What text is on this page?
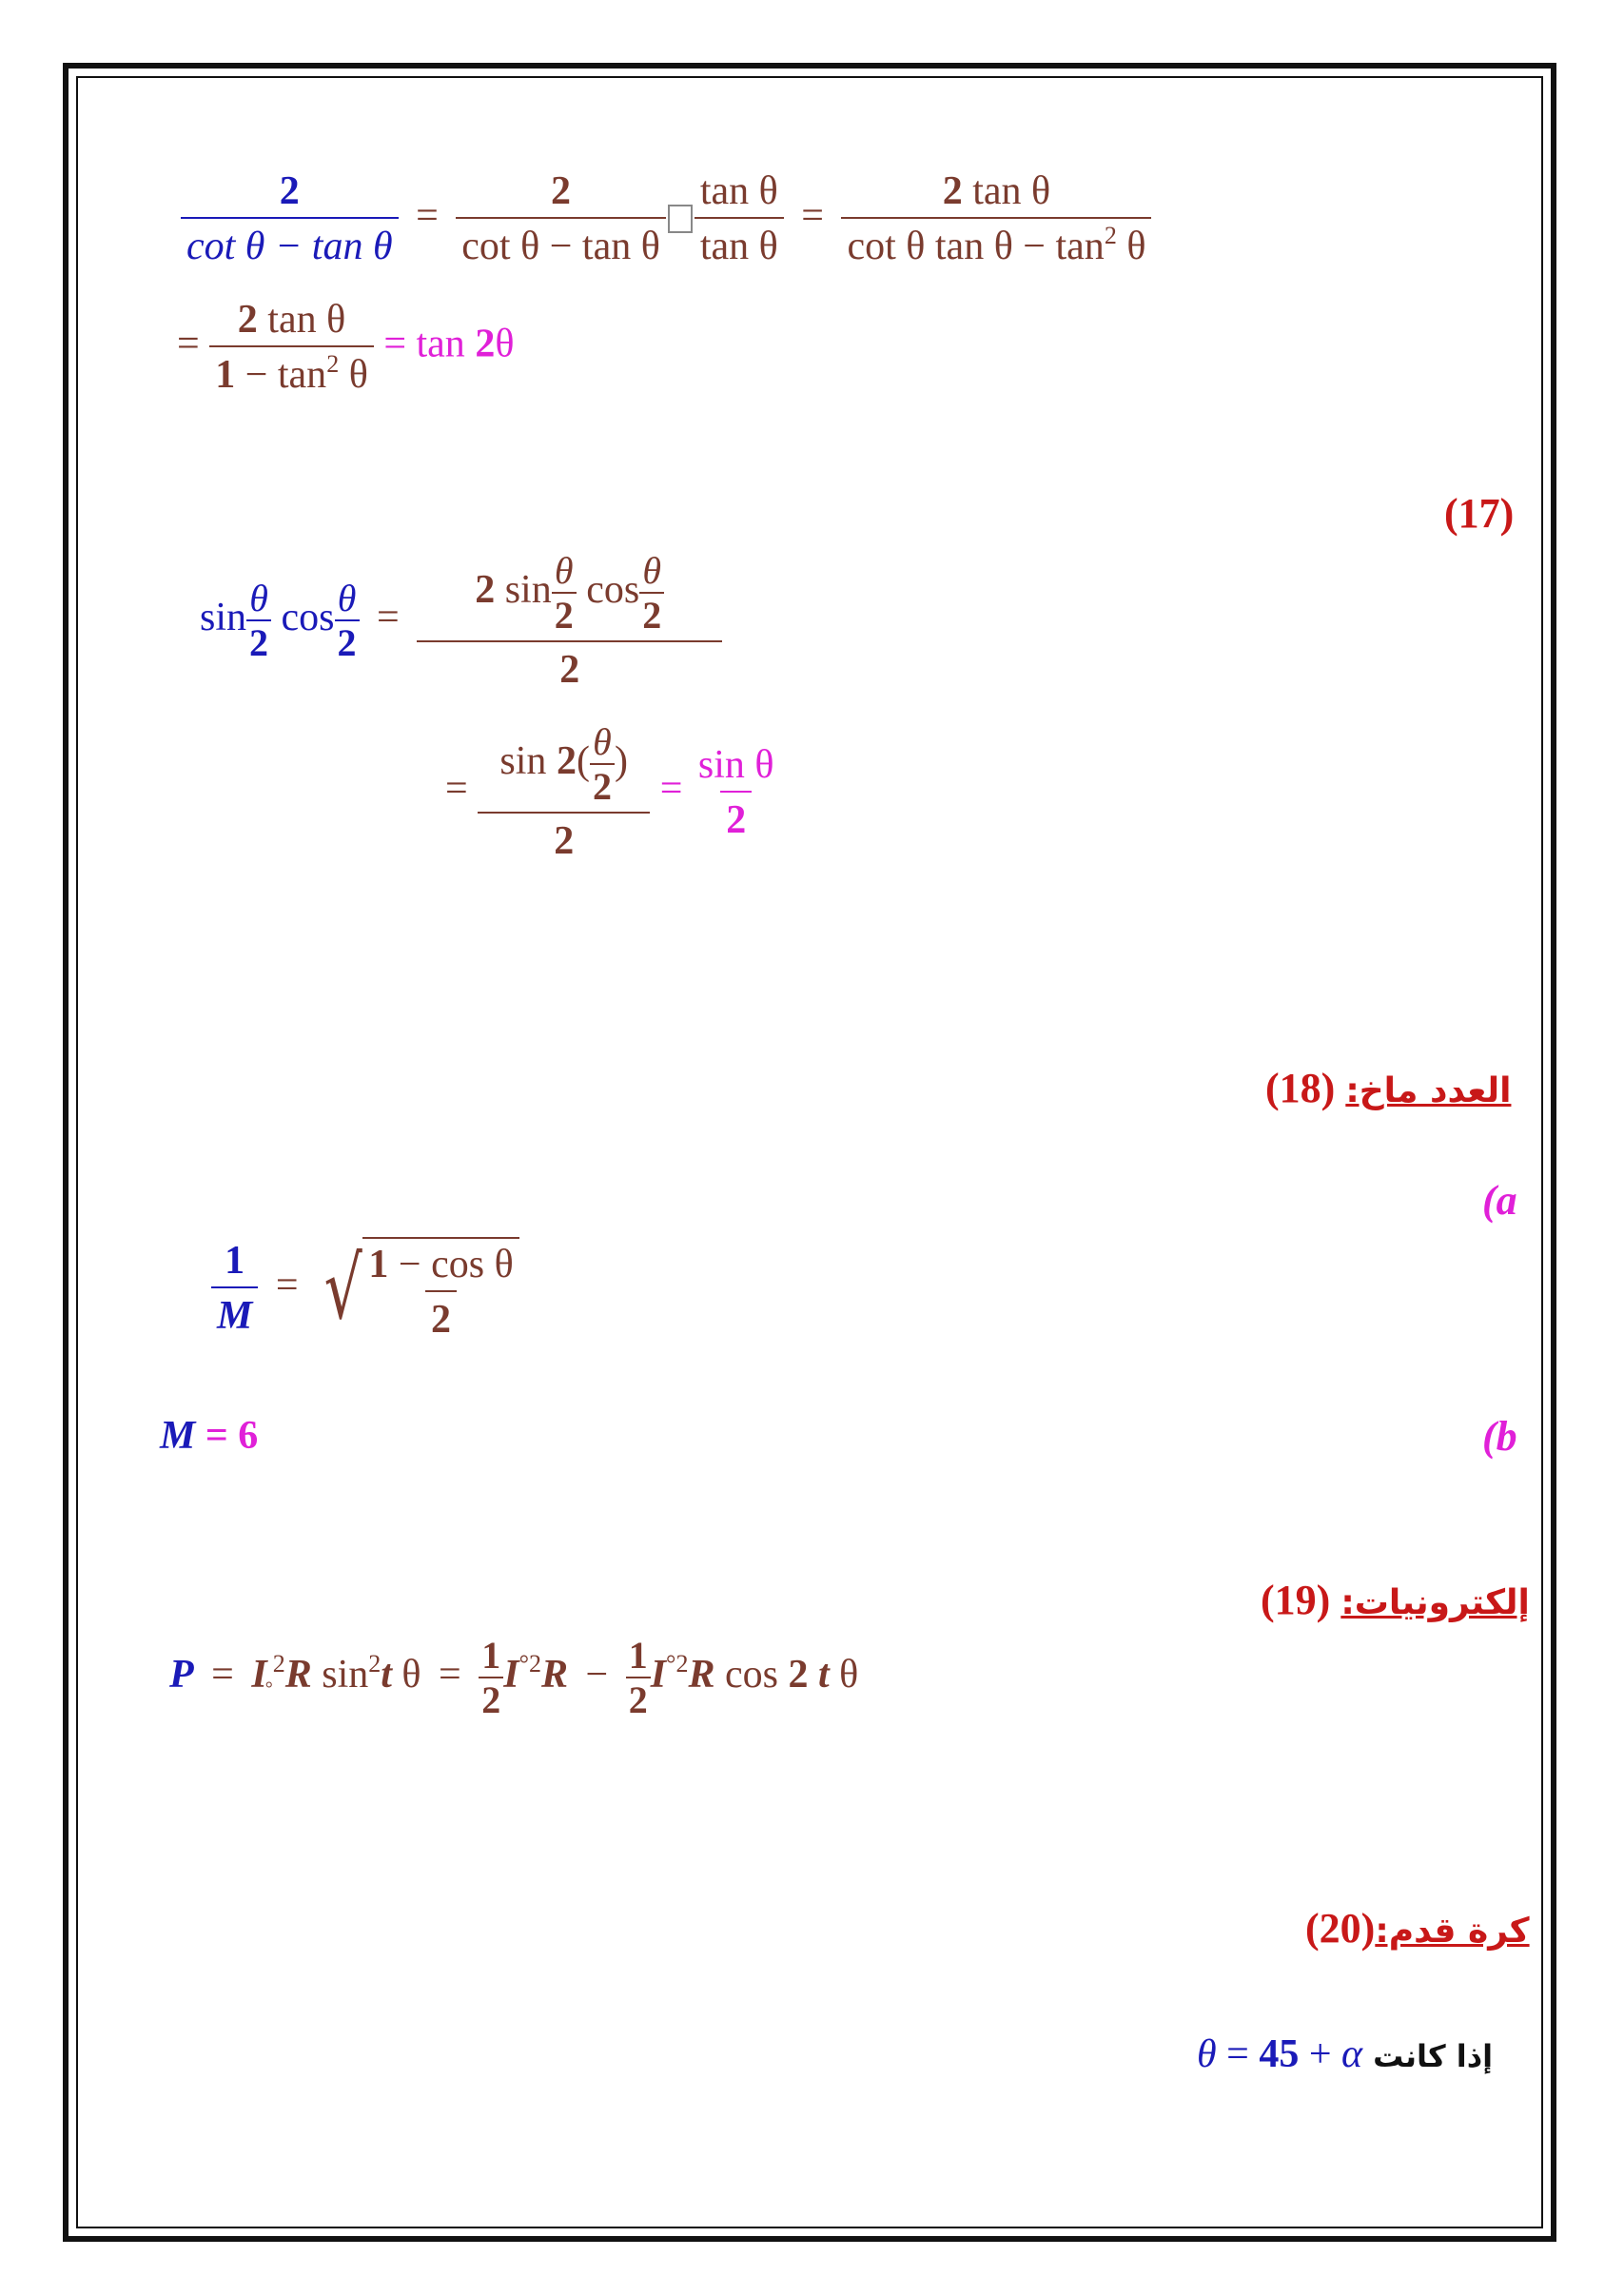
$\frac{2}{\text{cot θ − tan θ}} = \frac{2}{\text{cot θ − tan θ}} \frac{\text{tan θ}}{\text{tan θ}} = \frac{\text{2 tan θ}}{\cot \theta \tan \theta - \tan^2 \theta}$
= $\frac{\text{2 tan θ}}{1 - \tan^2 \theta} = \tan 2\theta$
(17)
$\sin \frac{\theta}{2}$ $\cos \frac{\theta}{2} = \frac{2 \sin \frac{\theta}{2} \cos \frac{\theta}{2}}{2}$
= $\frac{\sin 2( \frac{\theta}{2} )}{2} = \frac{\text{sin θ}}{2}$
العدد ماخ: (18)
(a
$\frac{1}{M}$ = √ $\frac{\text{1 − cos θ}}{2}$
M = 6	(b
إلكترونيات: (19)
P = I°$^2$R $\sin^2t$ $\theta = \frac{1}{2} I^{^\circ 2}R - \frac{1}{2} I^{^\circ 2}R$ cos 2 t θ
كرة قدم:(20)
θ = 45 + α إذا كانت
